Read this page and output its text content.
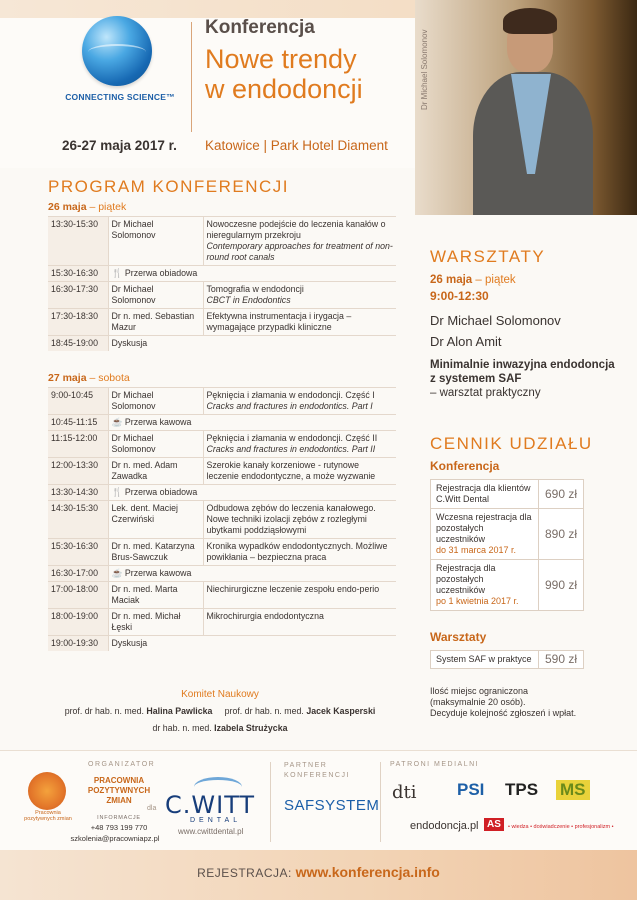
CONNECTING SCIENCE™
Konferencja
Nowe trendy
w endodoncji
26-27 maja 2017 r. Katowice | Park Hotel Diament
Dr Michael Solomonov
PROGRAM KONFERENCJI
26 maja – piątek
13:30-15:30	Dr Michael Solomonov	Nowoczesne podejście do leczenia kanałów o nieregularnym przekroju
Contemporary approaches for treatment of non-round root canals

15:30-16:30	🍴 Przerwa obiadowa	
16:30-17:30	Dr Michael Solomonov	Tomografia w endodoncji
CBCT in Endodontics

17:30-18:30	Dr n. med. Sebastian Mazur	Efektywna instrumentacja i irygacja – wymagające przypadki kliniczne
18:45-19:00	Dyskusja	
27 maja – sobota
9:00-10:45	Dr Michael Solomonov	Pęknięcia i złamania w endodoncji. Część I
Cracks and fractures in endodontics. Part I

10:45-11:15	☕ Przerwa kawowa	
11:15-12:00	Dr Michael Solomonov	Pęknięcia i złamania w endodoncji. Część II
Cracks and fractures in endodontics. Part II

12:00-13:30	Dr n. med. Adam Zawadka	Szerokie kanały korzeniowe - rutynowe leczenie endodontyczne, a może wyzwanie
13:30-14:30	🍴 Przerwa obiadowa	
14:30-15:30	Lek. dent. Maciej Czerwiński	Odbudowa zębów do leczenia kanałowego. Nowe techniki izolacji zębów z rozległymi ubytkami poddziąsłowymi
15:30-16:30	Dr n. med. Katarzyna Brus-Sawczuk	Kronika wypadków endodontycznych. Możliwe powikłania – bezpieczna praca
16:30-17:00	☕ Przerwa kawowa	
17:00-18:00	Dr n. med. Marta Maciak	Niechirurgiczne leczenie zespołu endo-perio
18:00-19:00	Dr n. med. Michał Łęski	Mikrochirurgia endodontyczna
19:00-19:30	Dyskusja	
Komitet Naukowy
prof. dr hab. n. med. Halina Pawlicka prof. dr hab. n. med. Jacek Kasperski
dr hab. n. med. Izabela Strużycka
WARSZTATY
26 maja – piątek
9:00-12:30
Dr Michael Solomonov
Dr Alon Amit
Minimalnie inwazyjna endodoncja z systemem SAF
– warsztat praktyczny
CENNIK UDZIAŁU
Konferencja
Rejestracja dla klientów C.Witt Dental	690 zł

Wczesna rejestracja dla pozostałych uczestników
do 31 marca 2017 r.	890 zł

Rejestracja dla pozostałych uczestników
po 1 kwietnia 2017 r.	990 zł
Warsztaty
System SAF w praktyce	590 zł
Ilość miejsc ograniczona
(maksymalnie 20 osób).
Decyduje kolejność zgłoszeń i wpłat.
ORGANIZATOR
Pracownia pozytywnych zmian
PRACOWNIA POZYTYWNYCH ZMIAN
INFORMACJE
+48 793 199 770
szkolenia@pracowniapz.pl
dla C.WITT
DENTAL
www.cwittdental.pl
PARTNER KONFERENCJI
SAFSYSTEM
PATRONI MEDIALNI
dti PSI TPS MS
endodoncja.pl AS	• wiedza • doświadczenie • profesjonalizm •
REJESTRACJA: www.konferencja.info
